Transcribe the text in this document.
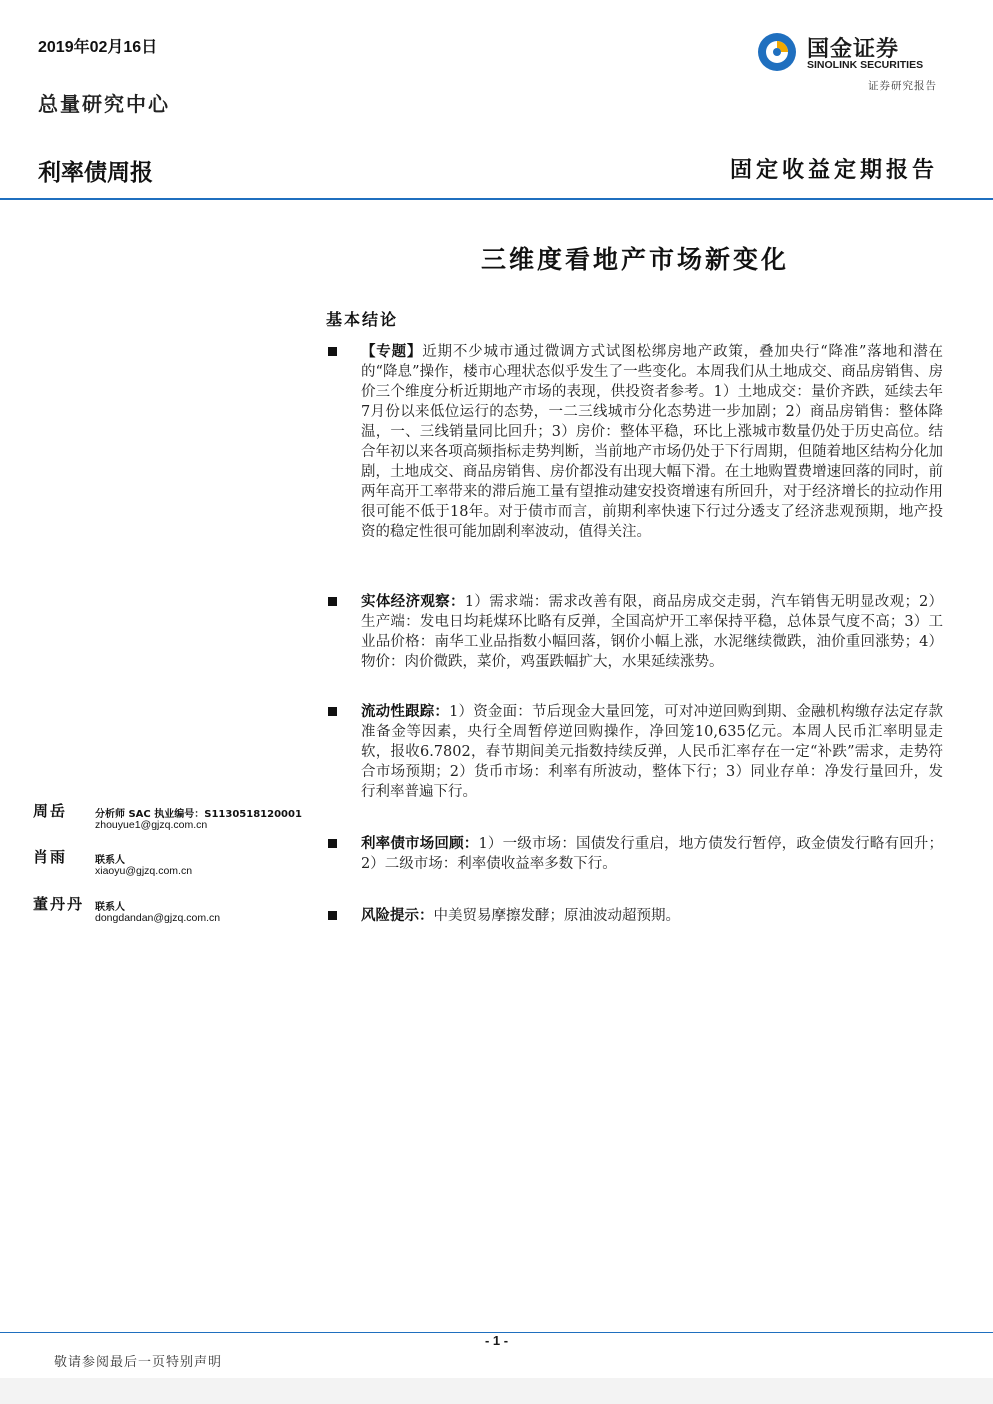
2019年02月16日
总量研究中心
国金证券
SINOLINK SECURITIES
证券研究报告
利率债周报	固定收益定期报告
三维度看地产市场新变化
基本结论
【专题】近期不少城市通过微调方式试图松绑房地产政策，叠加央行“降准”落地和潜在的“降息”操作，楼市心理状态似乎发生了一些变化。本周我们从土地成交、商品房销售、房价三个维度分析近期地产市场的表现，供投资者参考。1）土地成交：量价齐跌，延续去年7月份以来低位运行的态势，一二三线城市分化态势进一步加剧；2）商品房销售：整体降温，一、三线销量同比回升；3）房价：整体平稳，环比上涨城市数量仍处于历史高位。结合年初以来各项高频指标走势判断，当前地产市场仍处于下行周期，但随着地区结构分化加剧，土地成交、商品房销售、房价都没有出现大幅下滑。在土地购置费增速回落的同时，前两年高开工率带来的滞后施工量有望推动建安投资增速有所回升，对于经济增长的拉动作用很可能不低于18年。对于债市而言，前期利率快速下行过分透支了经济悲观预期，地产投资的稳定性很可能加剧利率波动，值得关注。
实体经济观察：1）需求端：需求改善有限，商品房成交走弱，汽车销售无明显改观；2）生产端：发电日均耗煤环比略有反弹，全国高炉开工率保持平稳，总体景气度不高；3）工业品价格：南华工业品指数小幅回落，钢价小幅上涨，水泥继续微跌，油价重回涨势；4）物价：肉价微跌，菜价，鸡蛋跌幅扩大，水果延续涨势。
流动性跟踪：1）资金面：节后现金大量回笼，可对冲逆回购到期、金融机构缴存法定存款准备金等因素，央行全周暂停逆回购操作，净回笼10,635亿元。本周人民币汇率明显走软，报收6.7802，春节期间美元指数持续反弹，人民币汇率存在一定“补跌”需求，走势符合市场预期；2）货币市场：利率有所波动，整体下行；3）同业存单：净发行量回升，发行利率普遍下行。
利率债市场回顾：1）一级市场：国债发行重启，地方债发行暂停，政金债发行略有回升；2）二级市场：利率债收益率多数下行。
风险提示：中美贸易摩擦发酵；原油波动超预期。
周岳	分析师 SAC 执业编号：S1130518120001
zhouyue1@gjzq.com.cn
肖雨	联系人
xiaoyu@gjzq.com.cn
董丹丹 联系人
dongdandan@gjzq.com.cn
- 1 -
敬请参阅最后一页特别声明
